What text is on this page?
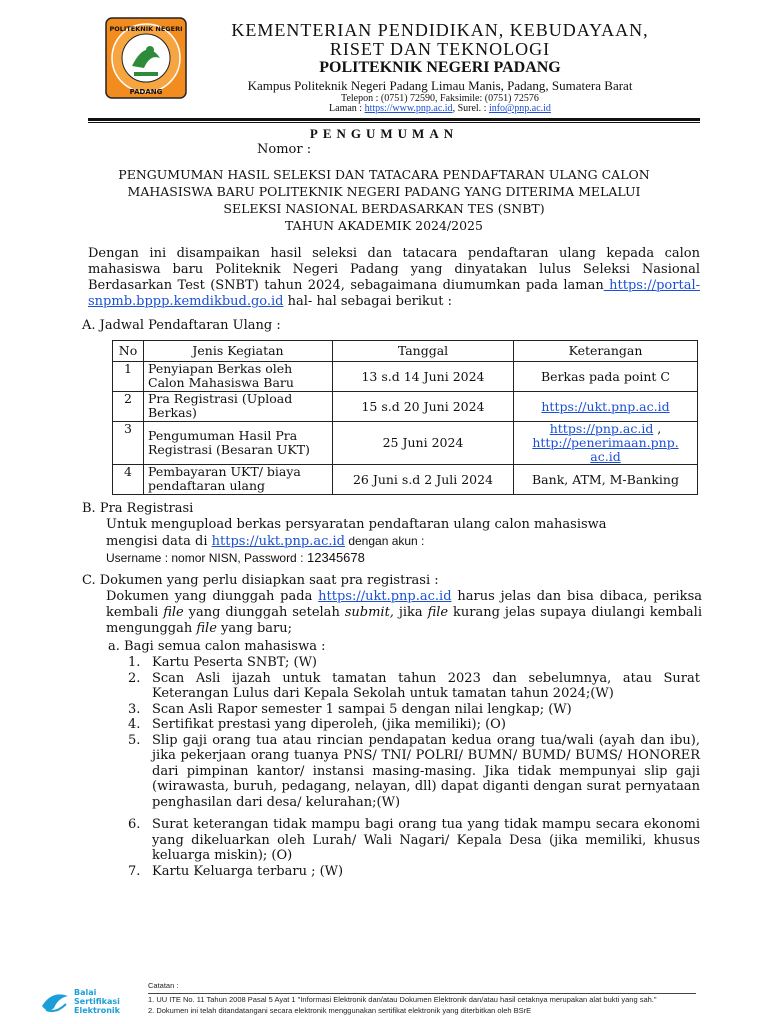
POLITEKNIK NEGERI
PADANG
KEMENTERIAN PENDIDIKAN, KEBUDAYAAN,
RISET DAN TEKNOLOGI
POLITEKNIK NEGERI PADANG
Kampus Politeknik Negeri Padang Limau Manis, Padang, Sumatera Barat
Telepon : (0751) 72590, Faksimile: (0751) 72576
Laman : https://www.pnp.ac.id, Surel. : info@pnp.ac.id
PENGUMUMAN
Nomor :
PENGUMUMAN HASIL SELEKSI DAN TATACARA PENDAFTARAN ULANG CALON
MAHASISWA BARU POLITEKNIK NEGERI PADANG YANG DITERIMA MELALUI
SELEKSI NASIONAL BERDASARKAN TES (SNBT)
TAHUN AKADEMIK 2024/2025
Dengan ini disampaikan hasil seleksi dan tatacara pendaftaran ulang kepada calon mahasiswa baru Politeknik Negeri Padang yang dinyatakan lulus Seleksi Nasional Berdasarkan Test (SNBT) tahun 2024, sebagaimana diumumkan pada laman https://portal-snpmb.bppp.kemdikbud.go.id hal- hal sebagai berikut :
A. Jadwal Pendaftaran Ulang :
No	Jenis Kegiatan	Tanggal	Keterangan
1	Penyiapan Berkas oleh Calon Mahasiswa Baru	13 s.d 14 Juni 2024	Berkas pada point C
2	Pra Registrasi (Upload Berkas)	15 s.d 20 Juni 2024	https://ukt.pnp.ac.id
3	Pengumuman Hasil Pra Registrasi (Besaran UKT)	25 Juni 2024	https://pnp.ac.id ,
http://penerimaan.pnp.
ac.id
4	Pembayaran UKT/ biaya pendaftaran ulang	26 Juni s.d 2 Juli 2024	Bank, ATM, M-Banking
B. Pra Registrasi
Untuk mengupload berkas persyaratan pendaftaran ulang calon mahasiswa
mengisi data di https://ukt.pnp.ac.id dengan akun :
Username : nomor NISN, Password : 12345678
C. Dokumen yang perlu disiapkan saat pra registrasi :
Dokumen yang diunggah pada https://ukt.pnp.ac.id harus jelas dan bisa dibaca, periksa kembali file yang diunggah setelah submit, jika file kurang jelas supaya diulangi kembali mengunggah file yang baru;
a. Bagi semua calon mahasiswa :
1. Kartu Peserta SNBT; (W)
2. Scan Asli ijazah untuk tamatan tahun 2023 dan sebelumnya, atau Surat Keterangan Lulus dari Kepala Sekolah untuk tamatan tahun 2024;(W)
3. Scan Asli Rapor semester 1 sampai 5 dengan nilai lengkap; (W)
4. Sertifikat prestasi yang diperoleh, (jika memiliki); (O)
5. Slip gaji orang tua atau rincian pendapatan kedua orang tua/wali (ayah dan ibu), jika pekerjaan orang tuanya PNS/ TNI/ POLRI/ BUMN/ BUMD/ BUMS/ HONORER dari pimpinan kantor/ instansi masing-masing. Jika tidak mempunyai slip gaji (wirawasta, buruh, pedagang, nelayan, dll) dapat diganti dengan surat pernyataan penghasilan dari desa/ kelurahan;(W)
6. Surat keterangan tidak mampu bagi orang tua yang tidak mampu secara ekonomi yang dikeluarkan oleh Lurah/ Wali Nagari/ Kepala Desa (jika memiliki, khusus keluarga miskin); (O)
7. Kartu Keluarga terbaru ; (W)
Balai
Sertifikasi
Elektronik
Catatan :
1. UU ITE No. 11 Tahun 2008 Pasal 5 Ayat 1 "Informasi Elektronik dan/atau Dokumen Elektronik dan/atau hasil cetaknya merupakan alat bukti yang sah."
2. Dokumen ini telah ditandatangani secara elektronik menggunakan sertifikat elektronik yang diterbitkan oleh BSrE
